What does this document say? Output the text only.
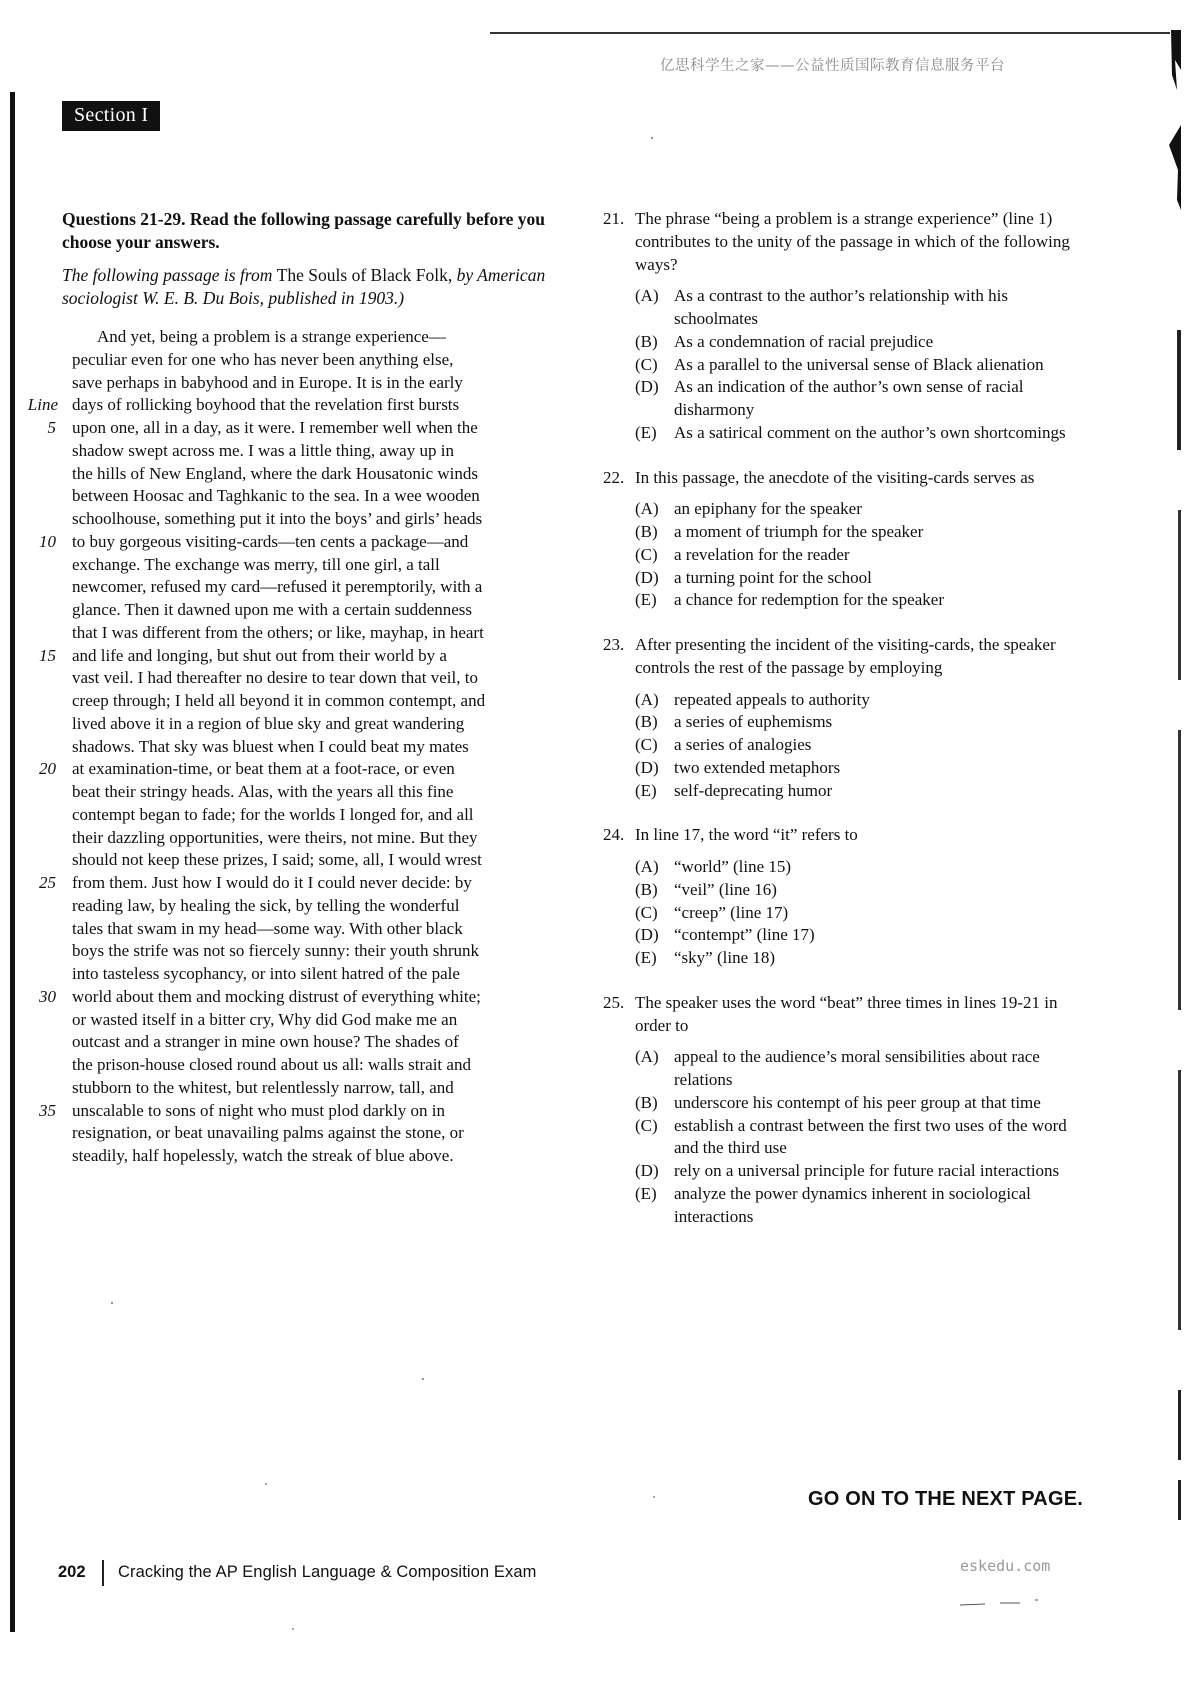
亿思科学生之家——公益性质国际教育信息服务平台
Section I

Questions 21-29. Read the following passage carefully before you choose your answers.

The following passage is from The Souls of Black Folk, by American sociologist W. E. B. Du Bois, published in 1903.)

And yet, being a problem is a strange experience—
peculiar even for one who has never been anything else,
save perhaps in babyhood and in Europe. It is in the early
Line days of rollicking boyhood that the revelation first bursts
5 upon one, all in a day, as it were. I remember well when the
shadow swept across me. I was a little thing, away up in
the hills of New England, where the dark Housatonic winds
between Hoosac and Taghkanic to the sea. In a wee wooden
schoolhouse, something put it into the boys’ and girls’ heads
10 to buy gorgeous visiting-cards—ten cents a package—and
exchange. The exchange was merry, till one girl, a tall
newcomer, refused my card—refused it peremptorily, with a
glance. Then it dawned upon me with a certain suddenness
that I was different from the others; or like, mayhap, in heart
15 and life and longing, but shut out from their world by a
vast veil. I had thereafter no desire to tear down that veil, to
creep through; I held all beyond it in common contempt, and
lived above it in a region of blue sky and great wandering
shadows. That sky was bluest when I could beat my mates
20 at examination-time, or beat them at a foot-race, or even
beat their stringy heads. Alas, with the years all this fine
contempt began to fade; for the worlds I longed for, and all
their dazzling opportunities, were theirs, not mine. But they
should not keep these prizes, I said; some, all, I would wrest
25 from them. Just how I would do it I could never decide: by
reading law, by healing the sick, by telling the wonderful
tales that swam in my head—some way. With other black
boys the strife was not so fiercely sunny: their youth shrunk
into tasteless sycophancy, or into silent hatred of the pale
30 world about them and mocking distrust of everything white;
or wasted itself in a bitter cry, Why did God make me an
outcast and a stranger in mine own house? The shades of
the prison-house closed round about us all: walls strait and
stubborn to the whitest, but relentlessly narrow, tall, and
35 unscalable to sons of night who must plod darkly on in
resignation, or beat unavailing palms against the stone, or
steadily, half hopelessly, watch the streak of blue above.
21. The phrase “being a problem is a strange experience” (line 1) contributes to the unity of the passage in which of the following ways?
(A) As a contrast to the author’s relationship with his schoolmates
(B) As a condemnation of racial prejudice
(C) As a parallel to the universal sense of Black alienation
(D) As an indication of the author’s own sense of racial disharmony
(E) As a satirical comment on the author’s own shortcomings
22. In this passage, the anecdote of the visiting-cards serves as
(A) an epiphany for the speaker
(B) a moment of triumph for the speaker
(C) a revelation for the reader
(D) a turning point for the school
(E) a chance for redemption for the speaker
23. After presenting the incident of the visiting-cards, the speaker controls the rest of the passage by employing
(A) repeated appeals to authority
(B) a series of euphemisms
(C) a series of analogies
(D) two extended metaphors
(E) self-deprecating humor
24. In line 17, the word “it” refers to
(A) “world” (line 15)
(B) “veil” (line 16)
(C) “creep” (line 17)
(D) “contempt” (line 17)
(E) “sky” (line 18)
25. The speaker uses the word “beat” three times in lines 19-21 in order to
(A) appeal to the audience’s moral sensibilities about race relations
(B) underscore his contempt of his peer group at that time
(C) establish a contrast between the first two uses of the word and the third use
(D) rely on a universal principle for future racial interactions
(E) analyze the power dynamics inherent in sociological interactions
GO ON TO THE NEXT PAGE.
202 Cracking the AP English Language & Composition Exam	eskedu.com
